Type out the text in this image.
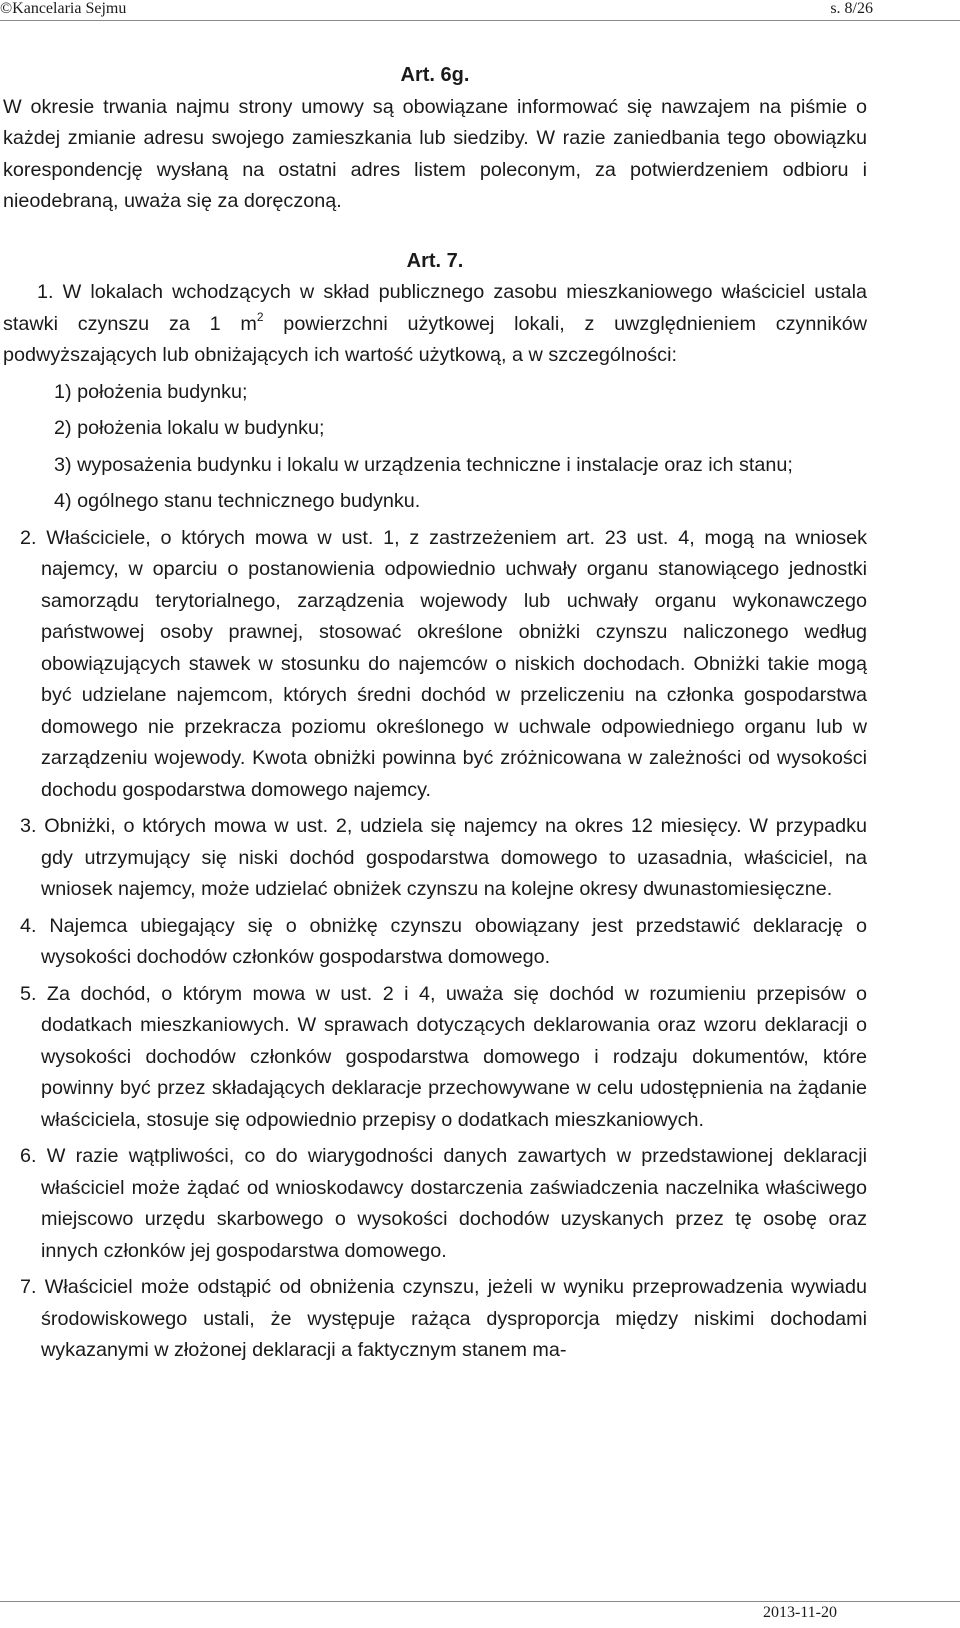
©Kancelaria Sejmu	s. 8/26
Art. 6g.

W okresie trwania najmu strony umowy są obowiązane informować się nawzajem na piśmie o każdej zmianie adresu swojego zamieszkania lub siedziby. W razie zaniedbania tego obowiązku korespondencję wysłaną na ostatni adres listem poleconym, za potwierdzeniem odbioru i nieodebraną, uważa się za doręczoną.

Art. 7.

1. W lokalach wchodzących w skład publicznego zasobu mieszkaniowego właściciel ustala stawki czynszu za 1 $m^2$ powierzchni użytkowej lokali, z uwzględnieniem czynników podwyższających lub obniżających ich wartość użytkową, a w szczególności:

1) położenia budynku;
2) położenia lokalu w budynku;
3) wyposażenia budynku i lokalu w urządzenia techniczne i instalacje oraz ich stanu;
4) ogólnego stanu technicznego budynku.

2. Właściciele, o których mowa w ust. 1, z zastrzeżeniem art. 23 ust. 4, mogą na wniosek najemcy, w oparciu o postanowienia odpowiednio uchwały organu stanowiącego jednostki samorządu terytorialnego, zarządzenia wojewody lub uchwały organu wykonawczego państwowej osoby prawnej, stosować określone obniżki czynszu naliczonego według obowiązujących stawek w stosunku do najemców o niskich dochodach. Obniżki takie mogą być udzielane najemcom, których średni dochód w przeliczeniu na członka gospodarstwa domowego nie przekracza poziomu określonego w uchwale odpowiedniego organu lub w zarządzeniu wojewody. Kwota obniżki powinna być zróżnicowana w zależności od wysokości dochodu gospodarstwa domowego najemcy.

3. Obniżki, o których mowa w ust. 2, udziela się najemcy na okres 12 miesięcy. W przypadku gdy utrzymujący się niski dochód gospodarstwa domowego to uzasadnia, właściciel, na wniosek najemcy, może udzielać obniżek czynszu na kolejne okresy dwunastomiesięczne.

4. Najemca ubiegający się o obniżkę czynszu obowiązany jest przedstawić deklarację o wysokości dochodów członków gospodarstwa domowego.

5. Za dochód, o którym mowa w ust. 2 i 4, uważa się dochód w rozumieniu przepisów o dodatkach mieszkaniowych. W sprawach dotyczących deklarowania oraz wzoru deklaracji o wysokości dochodów członków gospodarstwa domowego i rodzaju dokumentów, które powinny być przez składających deklaracje przechowywane w celu udostępnienia na żądanie właściciela, stosuje się odpowiednio przepisy o dodatkach mieszkaniowych.

6. W razie wątpliwości, co do wiarygodności danych zawartych w przedstawionej deklaracji właściciel może żądać od wnioskodawcy dostarczenia zaświadczenia naczelnika właściwego miejscowo urzędu skarbowego o wysokości dochodów uzyskanych przez tę osobę oraz innych członków jej gospodarstwa domowego.

7. Właściciel może odstąpić od obniżenia czynszu, jeżeli w wyniku przeprowadzenia wywiadu środowiskowego ustali, że występuje rażąca dysproporcja między niskimi dochodami wykazanymi w złożonej deklaracji a faktycznym stanem ma-

2013-11-20
